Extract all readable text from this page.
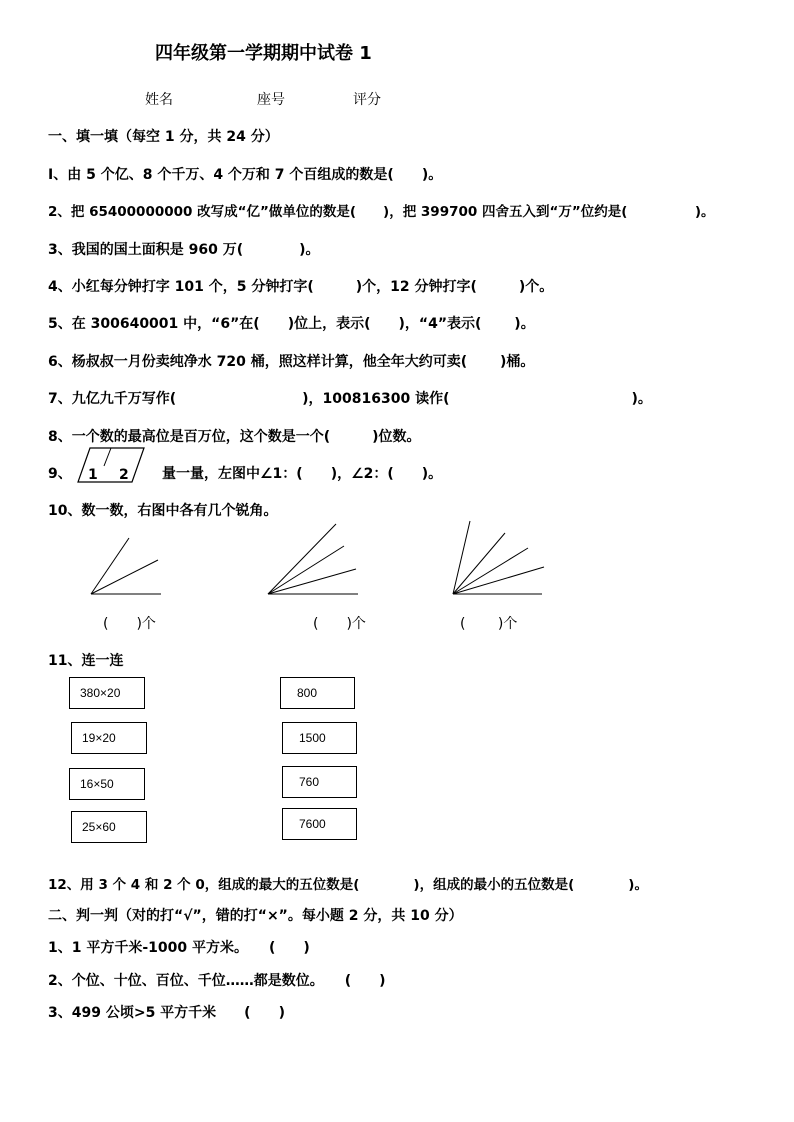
四年级第一学期期中试卷 1
姓名	座号	评分
一、填一填（每空 1 分，共 24 分）
I、由 5 个亿、8 个千万、4 个万和 7 个百组成的数是(　　)。
2、把 65400000000 改写成“亿”做单位的数是(　　)，把 399700 四舍五入到“万”位约是(　　　　　)。
3、我国的国土面积是 960 万(　　　　)。
4、小红每分钟打字 101 个，5 分钟打字(　　　)个，12 分钟打字(　　　)个。
5、在 300640001 中，“6”在(　　)位上，表示(　　)，“4”表示(　　 )。
6、杨叔叔一月份卖纯净水 720 桶，照这样计算，他全年大约可卖(　　 )桶。
7、九亿九千万写作(　　　　　　　　　)，100816300 读作(　　　　　　　　　　　　　)。
8、一个数的最高位是百万位，这个数是一个(　　　)位数。
9、 1 2 量一量，左图中∠1：(　　)，∠2：(　　)。
10、数一数，右图中各有几个锐角。
(　　)个	(　　)个	(　　 )个
11、连一连
380×20
19×20
16×50
25×60
800
1500
760
7600
12、用 3 个 4 和 2 个 0，组成的最大的五位数是(　　　　)，组成的最小的五位数是(　　　　)。
二、判一判（对的打“√”，错的打“×”。每小题 2 分，共 10 分）
1、1 平方千米-1000 平方米。　　(　　)
2、个位、十位、百位、千位……都是数位。　　(　　)
3、499 公顷>5 平方千米　　(　　)
